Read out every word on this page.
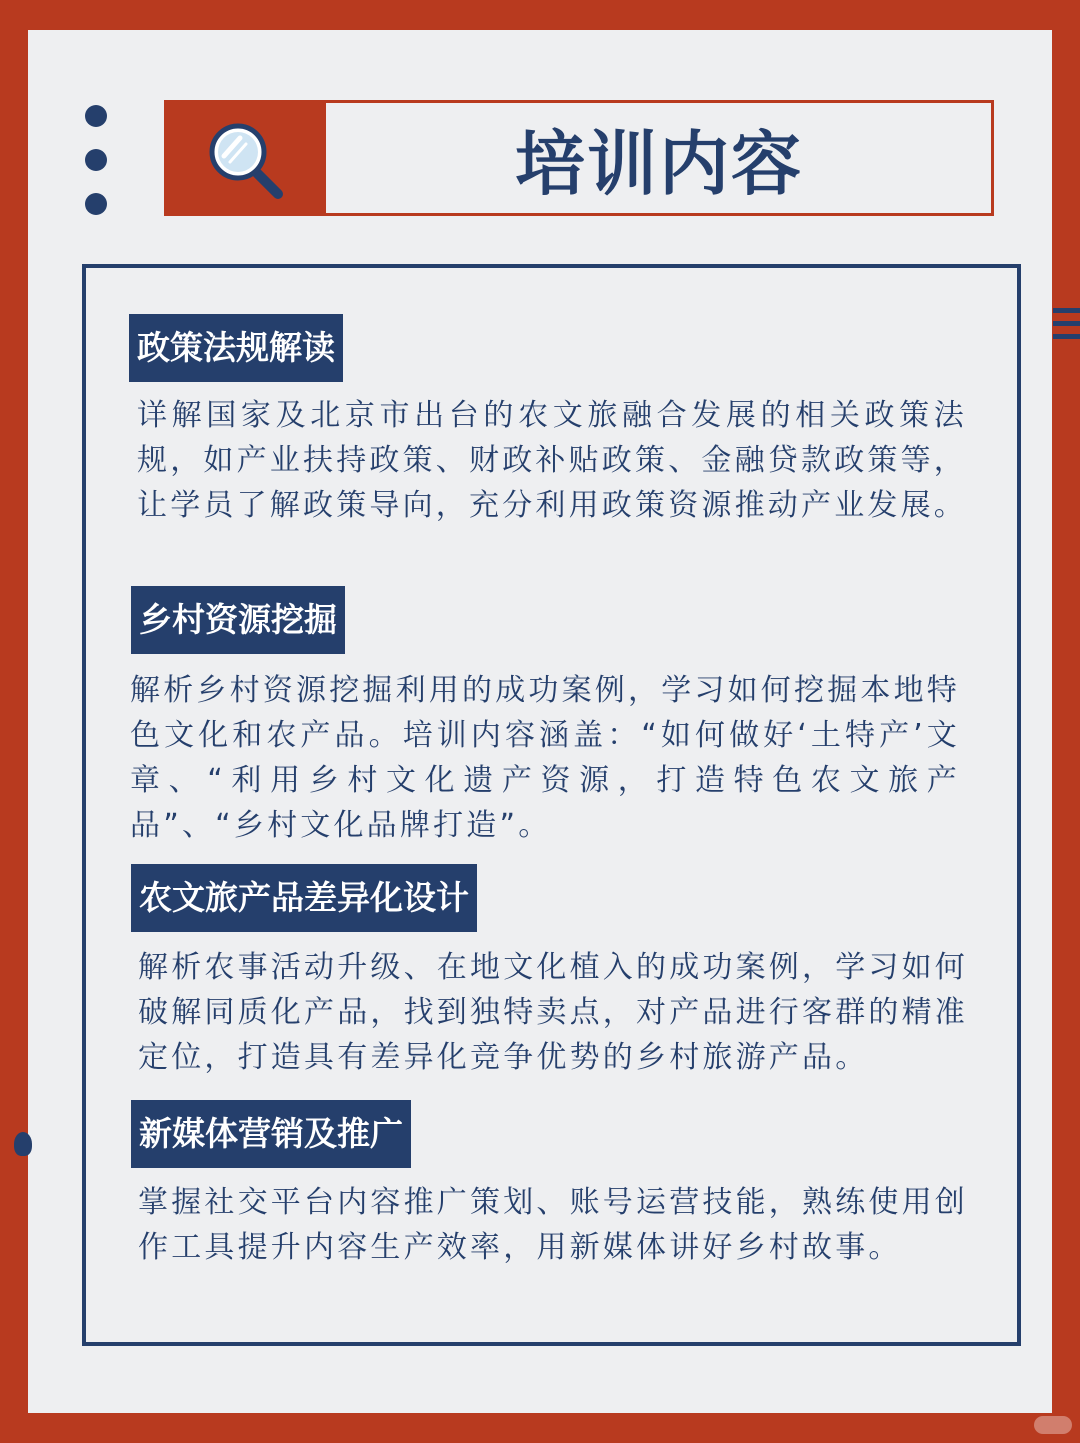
培训内容
政策法规解读
详解国家及北京市出台的农文旅融合发展的相关政策法规，如产业扶持政策、财政补贴政策、金融贷款政策等，让学员了解政策导向，充分利用政策资源推动产业发展。
乡村资源挖掘
解析乡村资源挖掘利用的成功案例，学习如何挖掘本地特色文化和农产品。培训内容涵盖：“如何做好‘土特产’文章、“利用乡村文化遗产资源，打造特色农文旅产品”、“乡村文化品牌打造”。
农文旅产品差异化设计
解析农事活动升级、在地文化植入的成功案例，学习如何破解同质化产品，找到独特卖点，对产品进行客群的精准定位，打造具有差异化竞争优势的乡村旅游产品。
新媒体营销及推广
掌握社交平台内容推广策划、账号运营技能，熟练使用创作工具提升内容生产效率，用新媒体讲好乡村故事。
